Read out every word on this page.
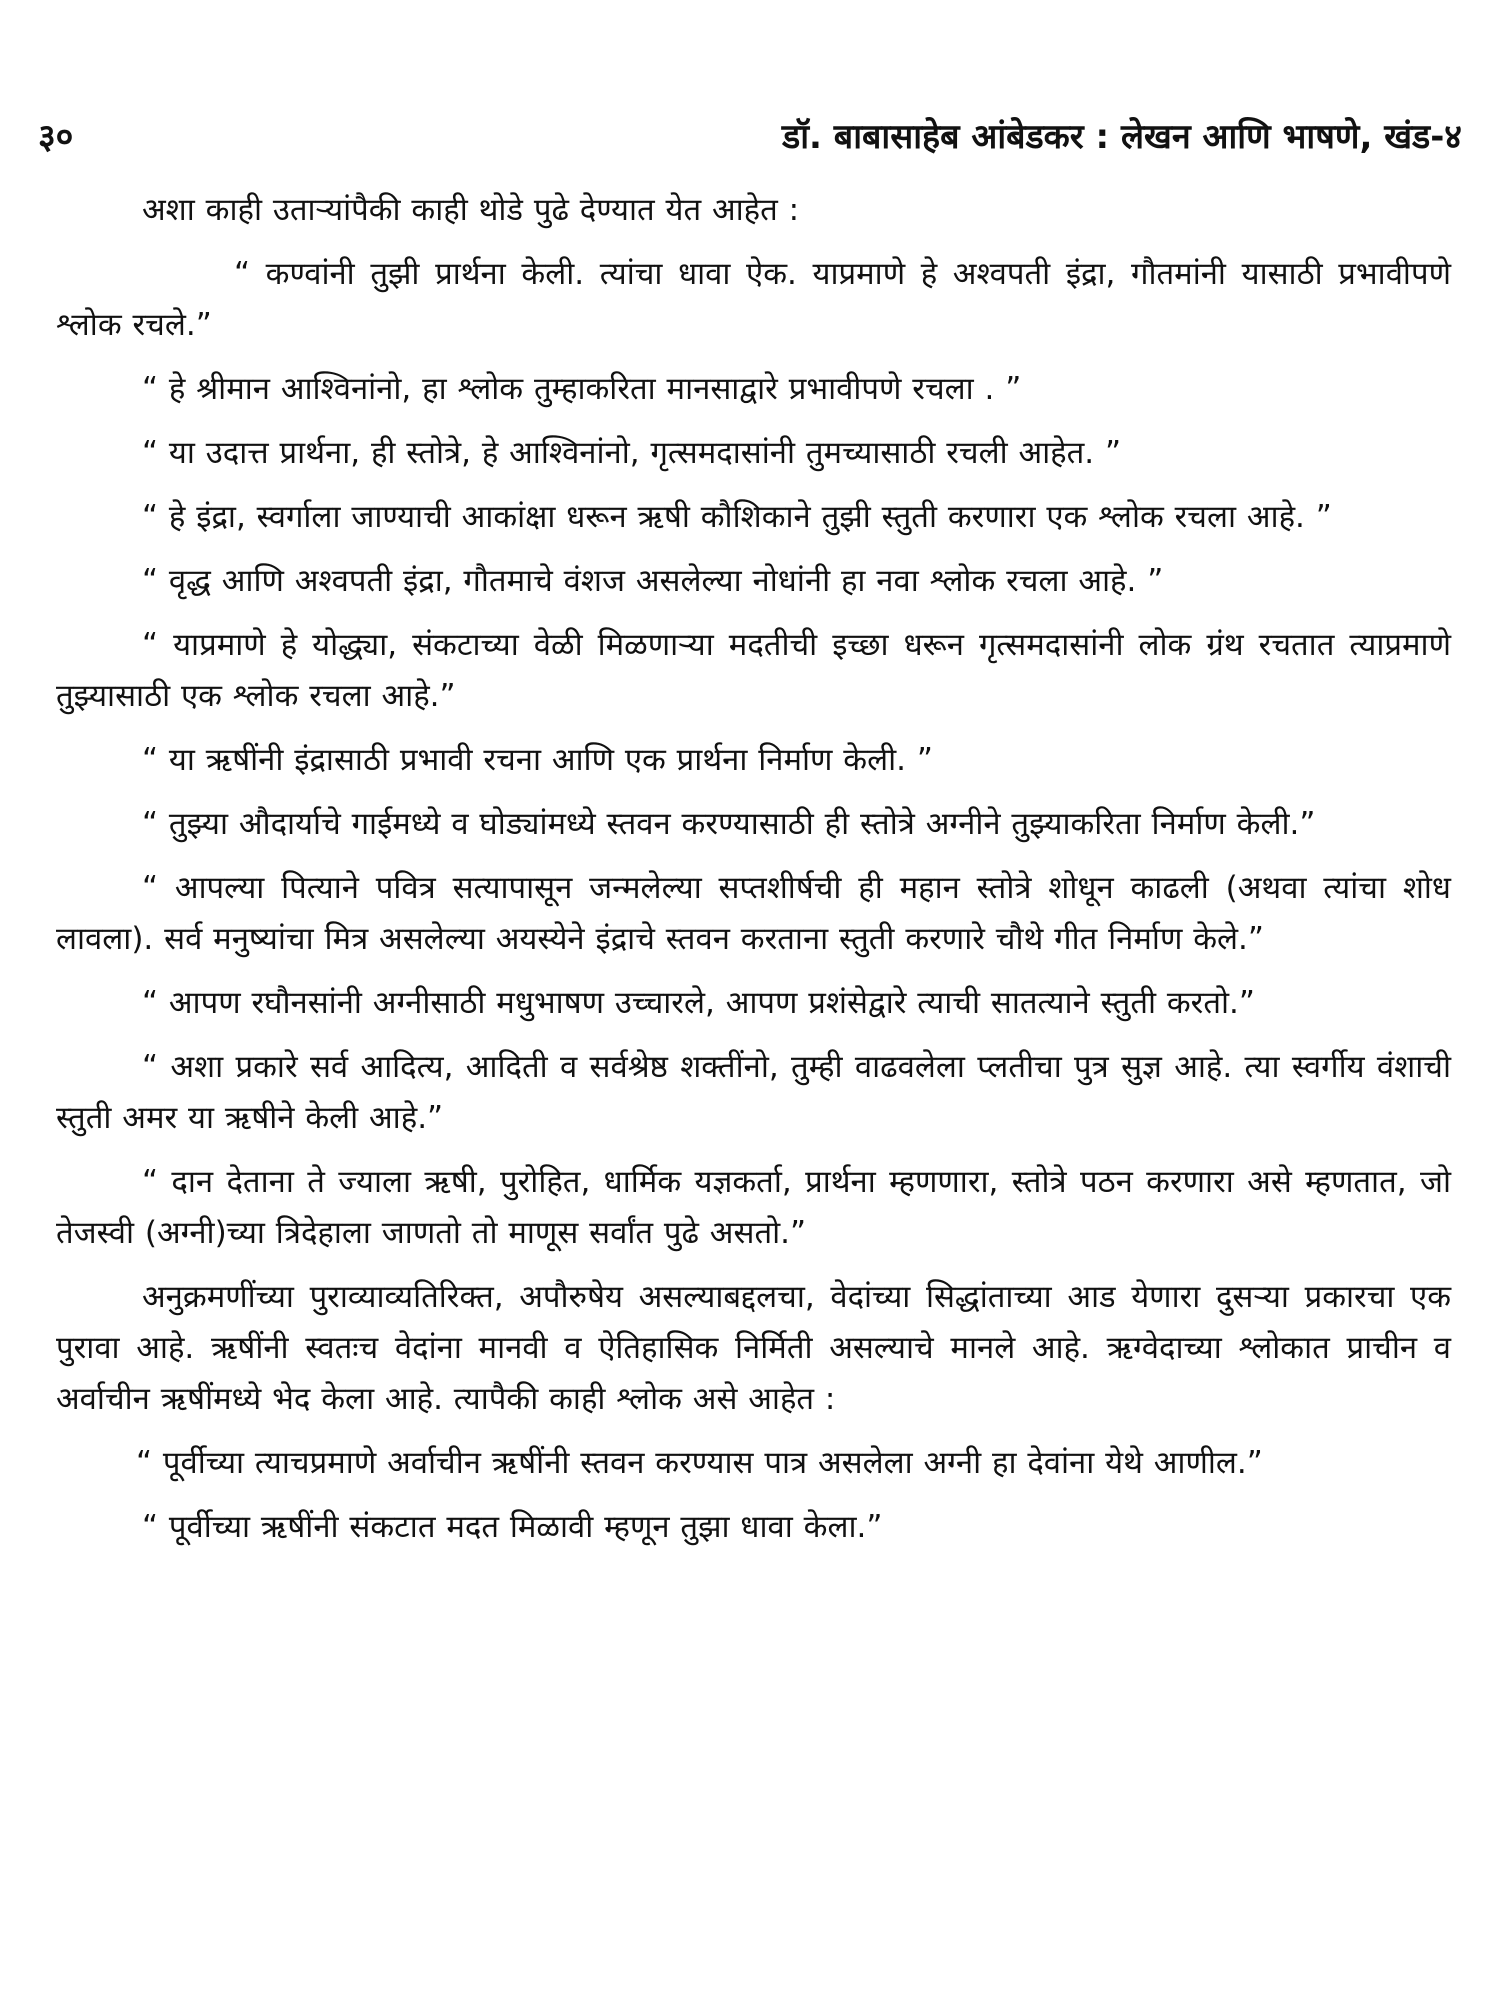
३०	डॉ. बाबासाहेब आंबेडकर : लेखन आणि भाषणे, खंड-४

अशा काही उताऱ्यांपैकी काही थोडे पुढे देण्यात येत आहेत :

“ कण्वांनी तुझी प्रार्थना केली. त्यांचा धावा ऐक. याप्रमाणे हे अश्वपती इंद्रा, गौतमांनी यासाठी प्रभावीपणे श्लोक रचले.”

“ हे श्रीमान आश्विनांनो, हा श्लोक तुम्हाकरिता मानसाद्वारे प्रभावीपणे रचला . ”

“ या उदात्त प्रार्थना, ही स्तोत्रे, हे आश्विनांनो, गृत्समदासांनी तुमच्यासाठी रचली आहेत. ”

“ हे इंद्रा, स्वर्गाला जाण्याची आकांक्षा धरून ऋषी कौशिकाने तुझी स्तुती करणारा एक श्लोक रचला आहे. ”

“ वृद्ध आणि अश्वपती इंद्रा, गौतमाचे वंशज असलेल्या नोधांनी हा नवा श्लोक रचला आहे. ”

“ याप्रमाणे हे योद्ध्या, संकटाच्या वेळी मिळणाऱ्या मदतीची इच्छा धरून गृत्समदासांनी लोक ग्रंथ रचतात त्याप्रमाणे तुझ्यासाठी एक श्लोक रचला आहे.”

“ या ऋषींनी इंद्रासाठी प्रभावी रचना आणि एक प्रार्थना निर्माण केली. ”

“ तुझ्या औदार्याचे गाईमध्ये व घोड्यांमध्ये स्तवन करण्यासाठी ही स्तोत्रे अग्नीने तुझ्याकरिता निर्माण केली.”

“ आपल्या पित्याने पवित्र सत्यापासून जन्मलेल्या सप्तशीर्षची ही महान स्तोत्रे शोधून काढली (अथवा त्यांचा शोध लावला). सर्व मनुष्यांचा मित्र असलेल्या अयस्येने इंद्राचे स्तवन करताना स्तुती करणारे चौथे गीत निर्माण केले.”

“ आपण रघौनसांनी अग्नीसाठी मधुभाषण उच्चारले, आपण प्रशंसेद्वारे त्याची सातत्याने स्तुती करतो.”

“ अशा प्रकारे सर्व आदित्य, आदिती व सर्वश्रेष्ठ शक्तींनो, तुम्ही वाढवलेला प्लतीचा पुत्र सुज्ञ आहे. त्या स्वर्गीय वंशाची स्तुती अमर या ऋषीने केली आहे.”

“ दान देताना ते ज्याला ऋषी, पुरोहित, धार्मिक यज्ञकर्ता, प्रार्थना म्हणणारा, स्तोत्रे पठन करणारा असे म्हणतात, जो तेजस्वी (अग्नी)च्या त्रिदेहाला जाणतो तो माणूस सर्वांत पुढे असतो.”

अनुक्रमणींच्या पुराव्याव्यतिरिक्त, अपौरुषेय असल्याबद्दलचा, वेदांच्या सिद्धांताच्या आड येणारा दुसऱ्या प्रकारचा एक पुरावा आहे. ऋषींनी स्वतःच वेदांना मानवी व ऐतिहासिक निर्मिती असल्याचे मानले आहे. ऋग्वेदाच्या श्लोकात प्राचीन व अर्वाचीन ऋषींमध्ये भेद केला आहे. त्यापैकी काही श्लोक असे आहेत :

“ पूर्वीच्या त्याचप्रमाणे अर्वाचीन ऋषींनी स्तवन करण्यास पात्र असलेला अग्नी हा देवांना येथे आणील.”

“ पूर्वीच्या ऋषींनी संकटात मदत मिळावी म्हणून तुझा धावा केला.”
